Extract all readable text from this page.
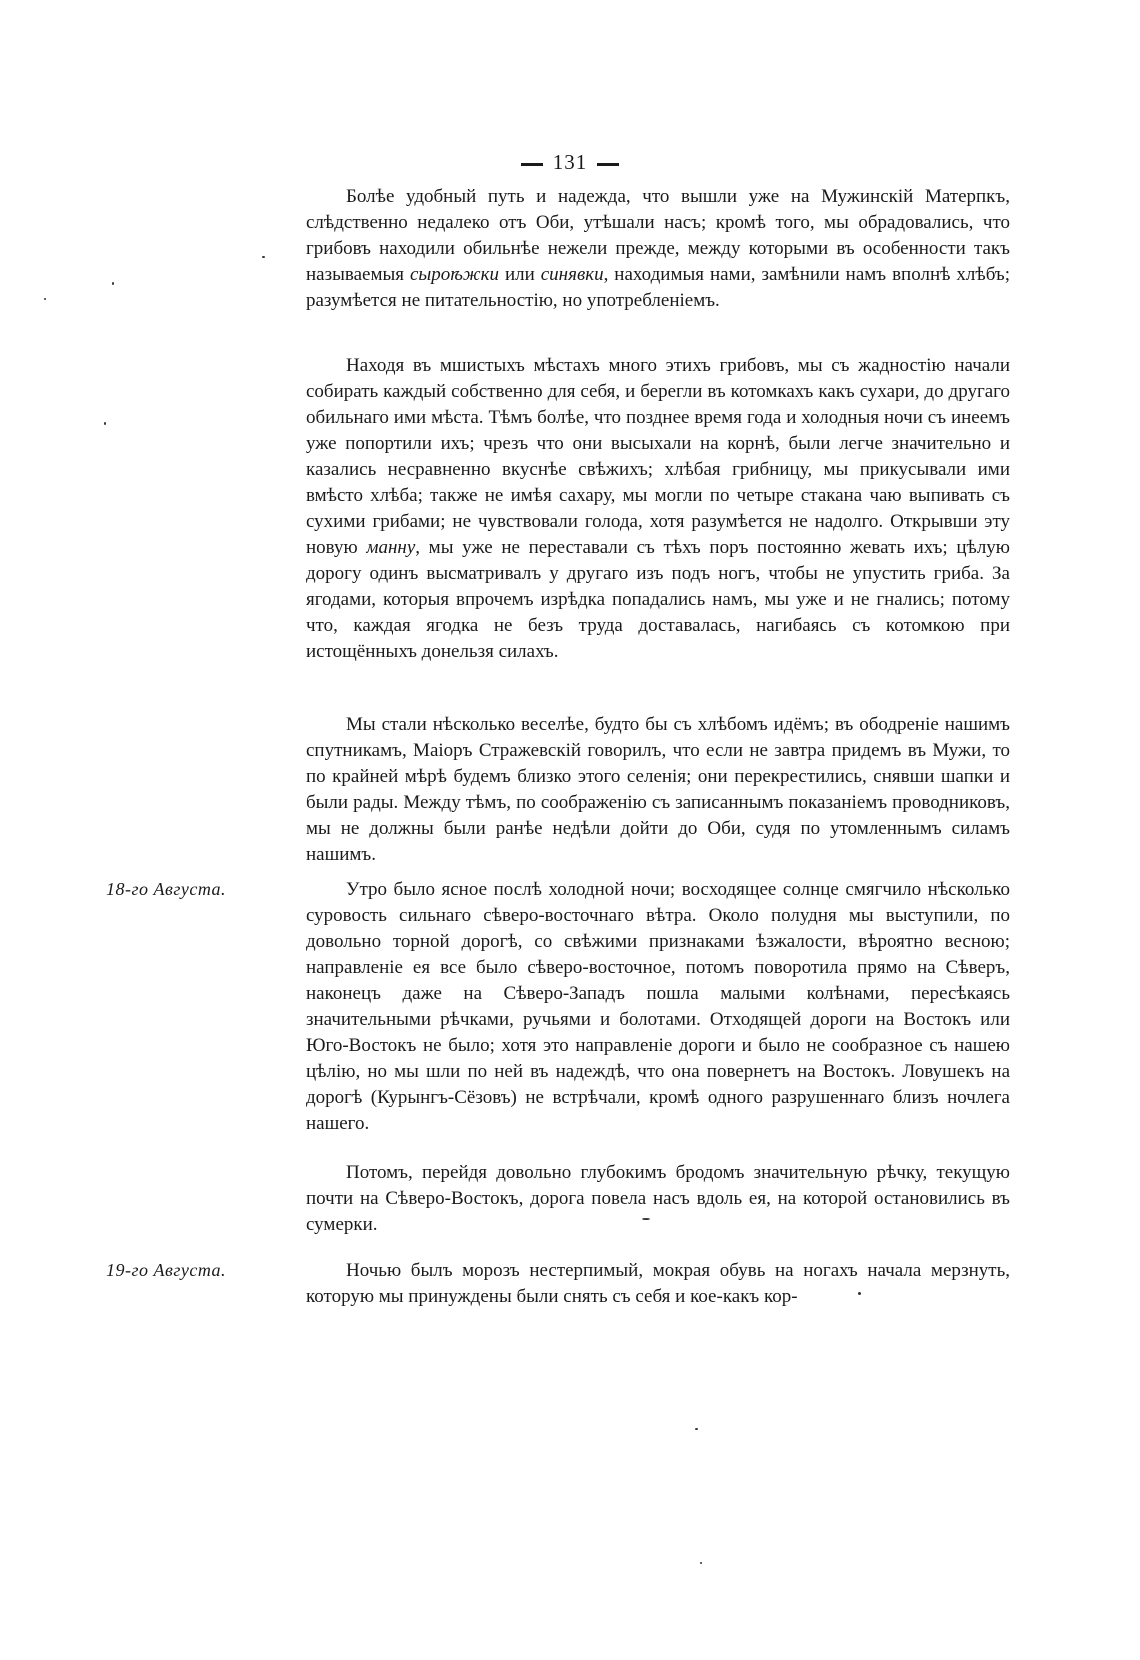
131

Болѣе удобный путь и надежда, что вышли уже на Мужинскій Матерпкъ, слѣдственно недалеко отъ Оби, утѣшали насъ; кромѣ того, мы обрадовались, что грибовъ находили обильнѣе нежели прежде, между которыми въ особенности такъ называемыя сыроѣжки или синявки, находимыя нами, замѣнили намъ вполнѣ хлѣбъ; разумѣется не питательностію, но употребленіемъ.

Находя въ мшистыхъ мѣстахъ много этихъ грибовъ, мы съ жадностію начали собирать каждый собственно для себя, и берегли въ котомкахъ какъ сухари, до другаго обильнаго ими мѣста. Тѣмъ болѣе, что позднее время года и холодныя ночи съ инеемъ уже попортили ихъ; чрезъ что они высыхали на корнѣ, были легче значительно и казались несравненно вкуснѣе свѣжихъ; хлѣбая грибницу, мы прикусывали ими вмѣсто хлѣба; также не имѣя сахару, мы могли по четыре стакана чаю выпивать съ сухими грибами; не чувствовали голода, хотя разумѣется не надолго. Открывши эту новую манну, мы уже не переставали съ тѣхъ поръ постоянно жевать ихъ; цѣлую дорогу одинъ высматривалъ у другаго изъ подъ ногъ, чтобы не упустить гриба. За ягодами, которыя впрочемъ изрѣдка попадались намъ, мы уже и не гнались; потому что, каждая ягодка не безъ труда доставалась, нагибаясь съ котомкою при истощённыхъ донельзя силахъ.

Мы стали нѣсколько веселѣе, будто бы съ хлѣбомъ идёмъ; въ ободреніе нашимъ спутникамъ, Маіоръ Стражевскій говорилъ, что если не завтра придемъ въ Мужи, то по крайней мѣрѣ будемъ близко этого селенія; они перекрестились, снявши шапки и были рады. Между тѣмъ, по соображенію съ записаннымъ показаніемъ проводниковъ, мы не должны были ранѣе недѣли дойти до Оби, судя по утомленнымъ силамъ нашимъ.

18-го Августа.	Утро было ясное послѣ холодной ночи; восходящее солнце смягчило нѣсколько суровость сильнаго сѣверо-восточнаго вѣтра. Около полудня мы выступили, по довольно торной дорогѣ, со свѣжими признаками ѣзжалости, вѣроятно веснoю; направленіе ея все было сѣверо-восточное, потомъ поворотила прямо на Сѣверъ, наконецъ даже на Сѣверо-Западъ пошла малыми колѣнами, пересѣкаясь значительными рѣчками, ручьями и болотами. Отходящей дороги на Востокъ или Юго-Востокъ не было; хотя это направленіе дороги и было не сообразное съ нашею цѣлію, но мы шли по ней въ надеждѣ, что она повернетъ на Востокъ. Ловушекъ на дорогѣ (Курынгъ-Сёзовъ) не встрѣчали, кромѣ одного разрушеннаго близъ ночлега нашего.

Потомъ, перейдя довольно глубокимъ бродомъ значительную рѣчку, текущую почти на Сѣверо-Востокъ, дорога повела насъ вдоль ея, на которой остановились въ сумерки.

19-го Августа.	Ночью былъ морозъ нестерпимый, мокрая обувь на ногахъ начала мерзнуть, которую мы принуждены были снять съ себя и кое-какъ кор-
